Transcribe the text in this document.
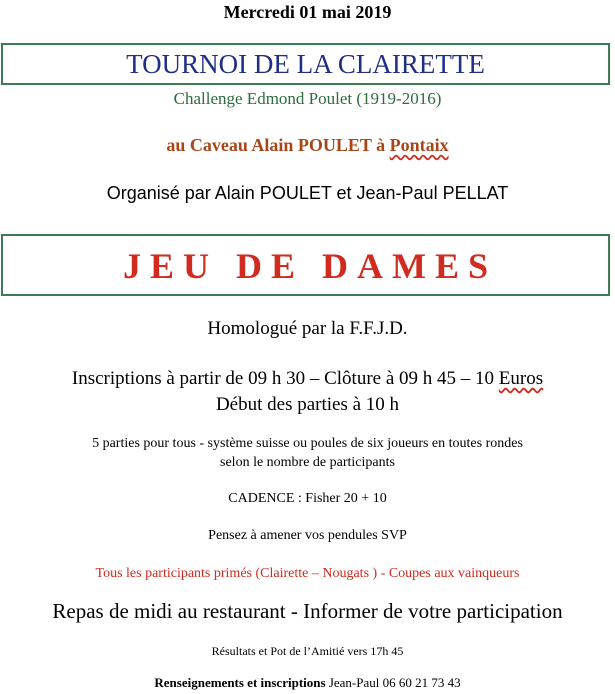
Mercredi 01 mai 2019
TOURNOI DE LA CLAIRETTE
Challenge Edmond Poulet (1919-2016)
au Caveau Alain POULET à Pontaix
Organisé par Alain POULET et Jean-Paul PELLAT
JEU DE DAMES
Homologué par la F.F.J.D.
Inscriptions à partir de 09 h 30 – Clôture à 09 h 45 – 10 Euros
Début des parties à 10 h
5 parties pour tous - système suisse ou poules de six joueurs en toutes rondes
selon le nombre de participants
CADENCE : Fisher 20 + 10
Pensez à amener vos pendules SVP
Tous les participants primés (Clairette – Nougats ) - Coupes aux vainqueurs
Repas de midi au restaurant - Informer de votre participation
Résultats et Pot de l’Amitié vers 17h 45
Renseignements et inscriptions Jean-Paul 06 60 21 73 43
